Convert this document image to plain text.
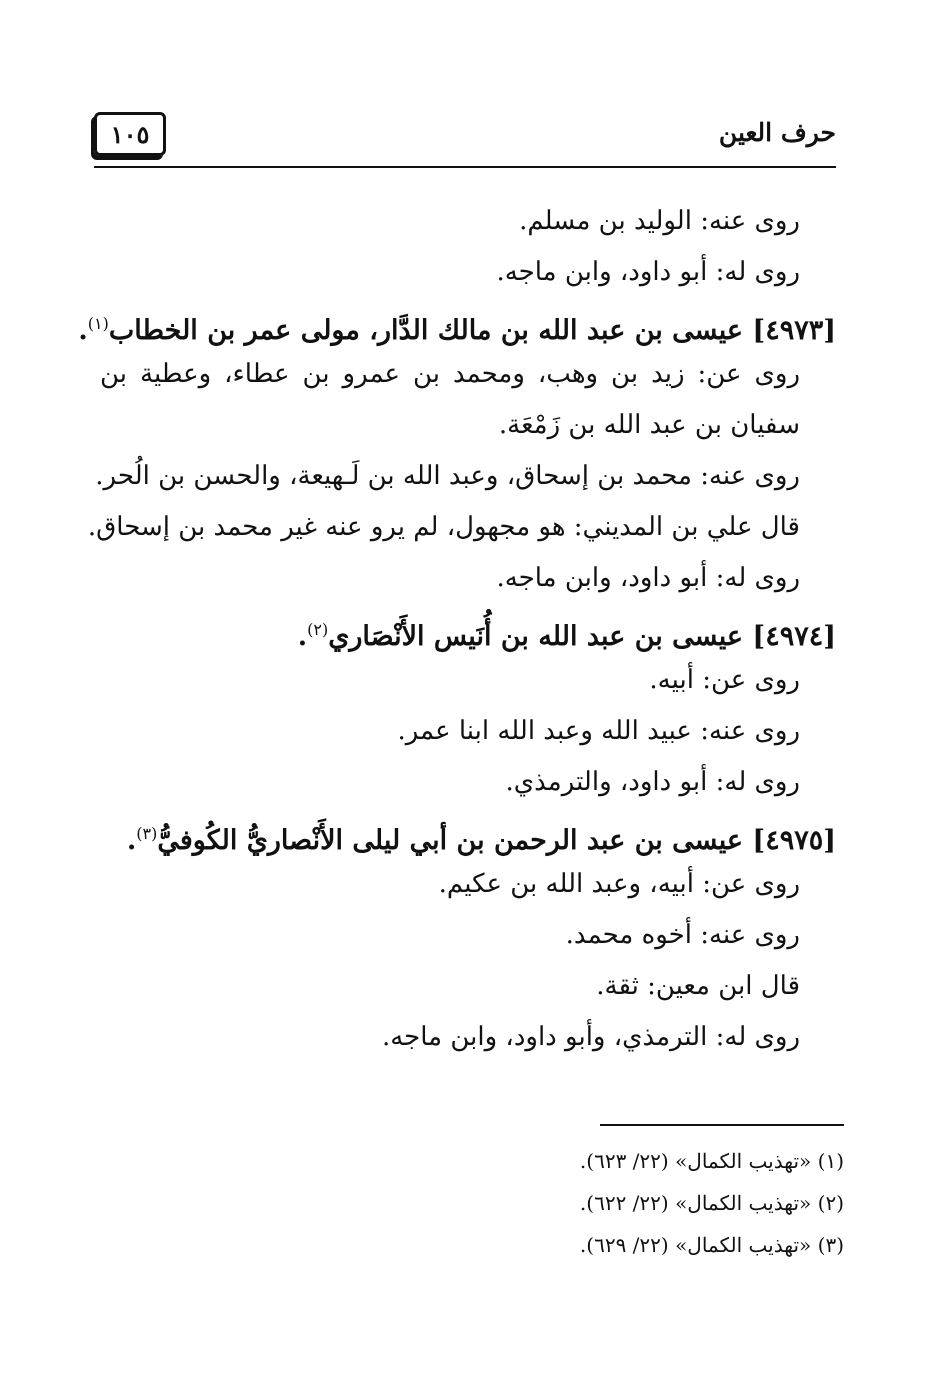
حرف العين
١٠٥
روى عنه: الوليد بن مسلم.
روى له: أبو داود، وابن ماجه.
[٤٩٧٣] عيسى بن عبد الله بن مالك الدَّار، مولى عمر بن الخطاب$^{(١)}$.
روى عن: زيد بن وهب، ومحمد بن عمرو بن عطاء، وعطية بن سفيان بن عبد الله بن زَمْعَة.
روى عنه: محمد بن إسحاق، وعبد الله بن لَـهيعة، والحسن بن الُحر.
قال علي بن المديني: هو مجهول، لم يرو عنه غير محمد بن إسحاق.
روى له: أبو داود، وابن ماجه.
[٤٩٧٤] عيسى بن عبد الله بن أُنَيس الأَنْصَاري$^{(٢)}$.
روى عن: أبيه.
روى عنه: عبيد الله وعبد الله ابنا عمر.
روى له: أبو داود، والترمذي.
[٤٩٧٥] عيسى بن عبد الرحمن بن أبي ليلى الأَنْصاريُّ الكُوفيُّ$^{(٣)}$.
روى عن: أبيه، وعبد الله بن عكيم.
روى عنه: أخوه محمد.
قال ابن معين: ثقة.
روى له: الترمذي، وأبو داود، وابن ماجه.
(١) «تهذيب الكمال» (٢٢/ ٦٢٣).
(٢) «تهذيب الكمال» (٢٢/ ٦٢٢).
(٣) «تهذيب الكمال» (٢٢/ ٦٢٩).
